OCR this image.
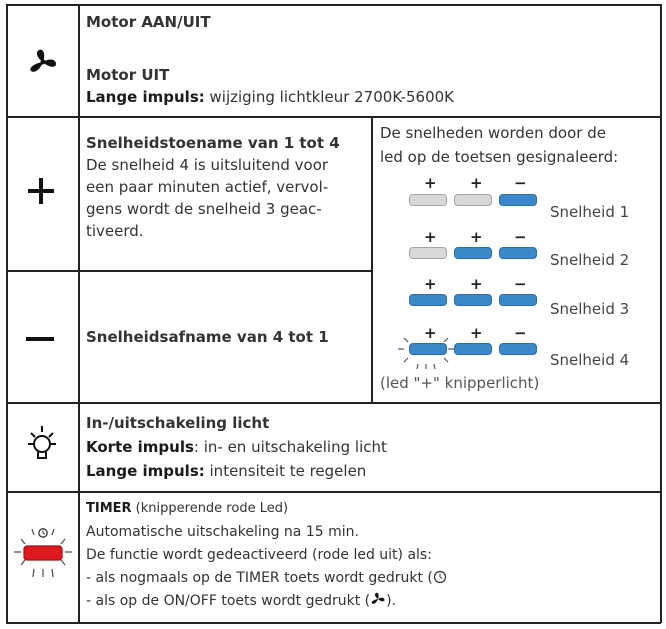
Motor AAN/UIT
Motor UIT
Lange impuls: wijziging lichtkleur 2700K-5600K
Snelheidstoename van 1 tot 4
De snelheid 4 is uitsluitend voor
een paar minuten actief, vervol-
gens wordt de snelheid 3 geac-
tiveerd.
Snelheidsafname van 4 tot 1
De snelheden worden door de
led op de toetsen gesignaleerd:
+ + −
Snelheid 1
+ + −
Snelheid 2
+ + −
Snelheid 3
+ + −
Snelheid 4
(led "+" knipperlicht)
In-/uitschakeling licht
Korte impuls: in- en uitschakeling licht
Lange impuls: intensiteit te regelen
TIMER (knipperende rode Led)
Automatische uitschakeling na 15 min.
De functie wordt gedeactiveerd (rode led uit) als:
- als nogmaals op de TIMER toets wordt gedrukt (
- als op de ON/OFF toets wordt gedrukt ( ).
